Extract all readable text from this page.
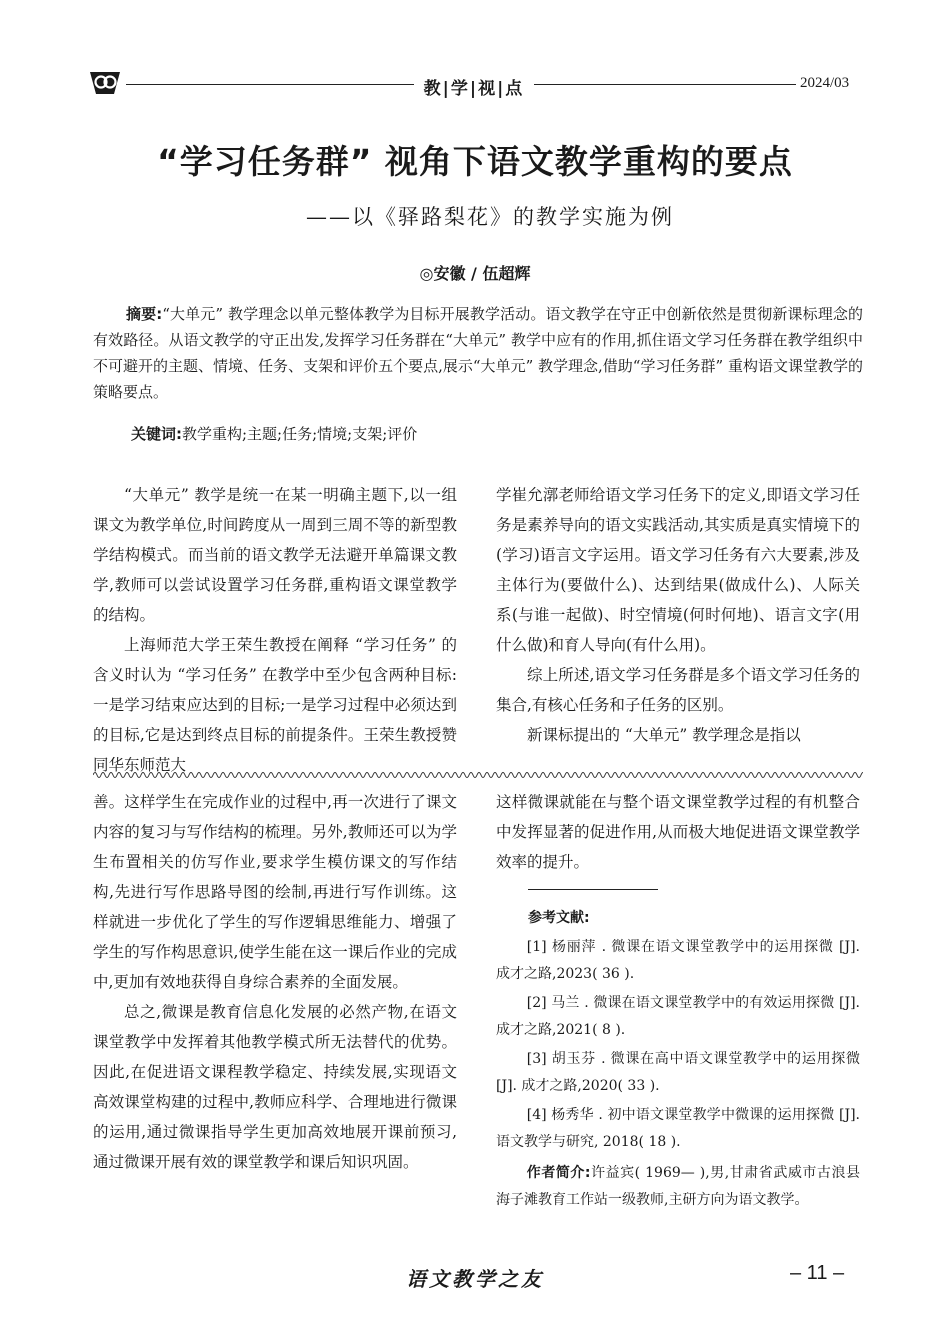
教|学|视|点	2024/03
“学习任务群” 视角下语文教学重构的要点
——以《驿路梨花》的教学实施为例
◎安徽 / 伍超辉
摘要:“大单元” 教学理念以单元整体教学为目标开展教学活动。语文教学在守正中创新依然是贯彻新课标理念的有效路径。从语文教学的守正出发,发挥学习任务群在“大单元” 教学中应有的作用,抓住语文学习任务群在教学组织中不可避开的主题、情境、任务、支架和评价五个要点,展示“大单元” 教学理念,借助“学习任务群” 重构语文课堂教学的策略要点。
关键词:教学重构;主题;任务;情境;支架;评价

“大单元” 教学是统一在某一明确主题下,以一组课文为教学单位,时间跨度从一周到三周不等的新型教学结构模式。而当前的语文教学无法避开单篇课文教学,教师可以尝试设置学习任务群,重构语文课堂教学的结构。

上海师范大学王荣生教授在阐释 “学习任务” 的含义时认为 “学习任务” 在教学中至少包含两种目标:一是学习结束应达到的目标;一是学习过程中必须达到的目标,它是达到终点目标的前提条件。王荣生教授赞同华东师范大

学崔允漷老师给语文学习任务下的定义,即语文学习任务是素养导向的语文实践活动,其实质是真实情境下的(学习)语言文字运用。语文学习任务有六大要素,涉及主体行为(要做什么)、达到结果(做成什么)、人际关系(与谁一起做)、时空情境(何时何地)、语言文字(用什么做)和育人导向(有什么用)。

综上所述,语文学习任务群是多个语文学习任务的集合,有核心任务和子任务的区别。

新课标提出的 “大单元” 教学理念是指以

善。这样学生在完成作业的过程中,再一次进行了课文内容的复习与写作结构的梳理。另外,教师还可以为学生布置相关的仿写作业,要求学生模仿课文的写作结构,先进行写作思路导图的绘制,再进行写作训练。这样就进一步优化了学生的写作逻辑思维能力、增强了学生的写作构思意识,使学生能在这一课后作业的完成中,更加有效地获得自身综合素养的全面发展。

总之,微课是教育信息化发展的必然产物,在语文课堂教学中发挥着其他教学模式所无法替代的优势。因此,在促进语文课程教学稳定、持续发展,实现语文高效课堂构建的过程中,教师应科学、合理地进行微课的运用,通过微课指导学生更加高效地展开课前预习,通过微课开展有效的课堂教学和课后知识巩固。

这样微课就能在与整个语文课堂教学过程的有机整合中发挥显著的促进作用,从而极大地促进语文课堂教学效率的提升。

参考文献:

[1] 杨丽萍 . 微课在语文课堂教学中的运用探微 [J]. 成才之路,2023( 36 ).

[2] 马兰 . 微课在语文课堂教学中的有效运用探微 [J]. 成才之路,2021( 8 ).

[3] 胡玉芬 . 微课在高中语文课堂教学中的运用探微 [J]. 成才之路,2020( 33 ).

[4] 杨秀华 . 初中语文课堂教学中微课的运用探微 [J]. 语文教学与研究, 2018( 18 ).

作者简介:许益宾( 1969— ),男,甘肃省武威市古浪县海子滩教育工作站一级教师,主研方向为语文教学。

语文教学之友	– 11 –
